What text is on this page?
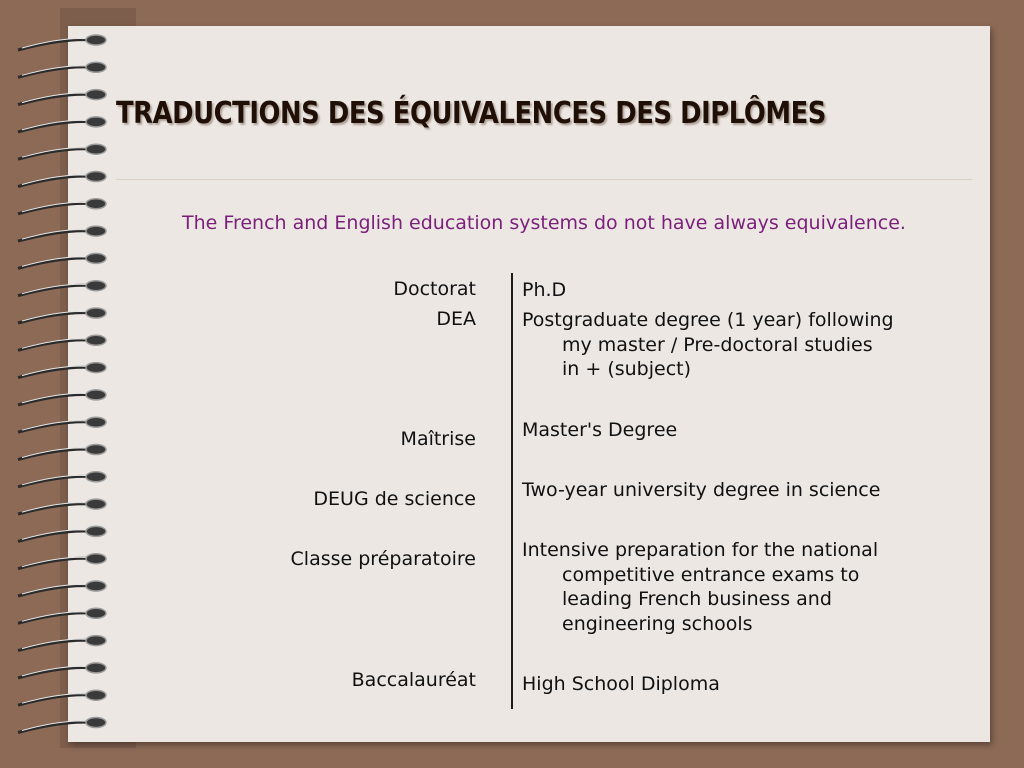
TRADUCTIONS DES ÉQUIVALENCES DES DIPLÔMES
The French and English education systems do not have always equivalence.
Doctorat Ph.D
DEA Postgraduate degree (1 year) following
my master / Pre-doctoral studies
in + (subject)
Maîtrise Master's Degree
DEUG de science Two-year university degree in science
Classe préparatoire Intensive preparation for the national
competitive entrance exams to
leading French business and
engineering schools
Baccalauréat High School Diploma
